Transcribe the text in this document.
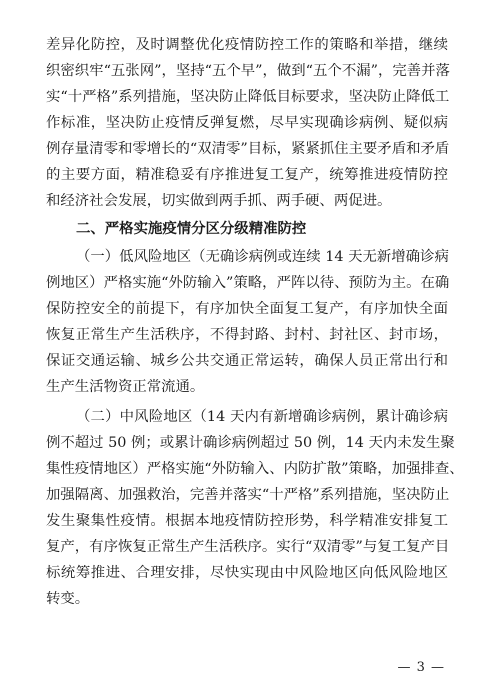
差异化防控，及时调整优化疫情防控工作的策略和举措，继续
织密织牢“五张网”，坚持“五个早”，做到“五个不漏”，完善并落
实“十严格”系列措施，坚决防止降低目标要求，坚决防止降低工
作标准，坚决防止疫情反弹复燃，尽早实现确诊病例、疑似病
例存量清零和零增长的“双清零”目标，紧紧抓住主要矛盾和矛盾
的主要方面，精准稳妥有序推进复工复产，统筹推进疫情防控
和经济社会发展，切实做到两手抓、两手硬、两促进。
二、严格实施疫情分区分级精准防控
（一）低风险地区（无确诊病例或连续 14 天无新增确诊病
例地区）严格实施“外防输入”策略，严阵以待、预防为主。在确
保防控安全的前提下，有序加快全面复工复产，有序加快全面
恢复正常生产生活秩序，不得封路、封村、封社区、封市场，
保证交通运输、城乡公共交通正常运转，确保人员正常出行和
生产生活物资正常流通。
（二）中风险地区（14 天内有新增确诊病例，累计确诊病
例不超过 50 例；或累计确诊病例超过 50 例，14 天内未发生聚
集性疫情地区）严格实施“外防输入、内防扩散”策略，加强排查、
加强隔离、加强救治，完善并落实“十严格”系列措施，坚决防止
发生聚集性疫情。根据本地疫情防控形势，科学精准安排复工
复产，有序恢复正常生产生活秩序。实行“双清零”与复工复产目
标统筹推进、合理安排，尽快实现由中风险地区向低风险地区
转变。
— 3 —
